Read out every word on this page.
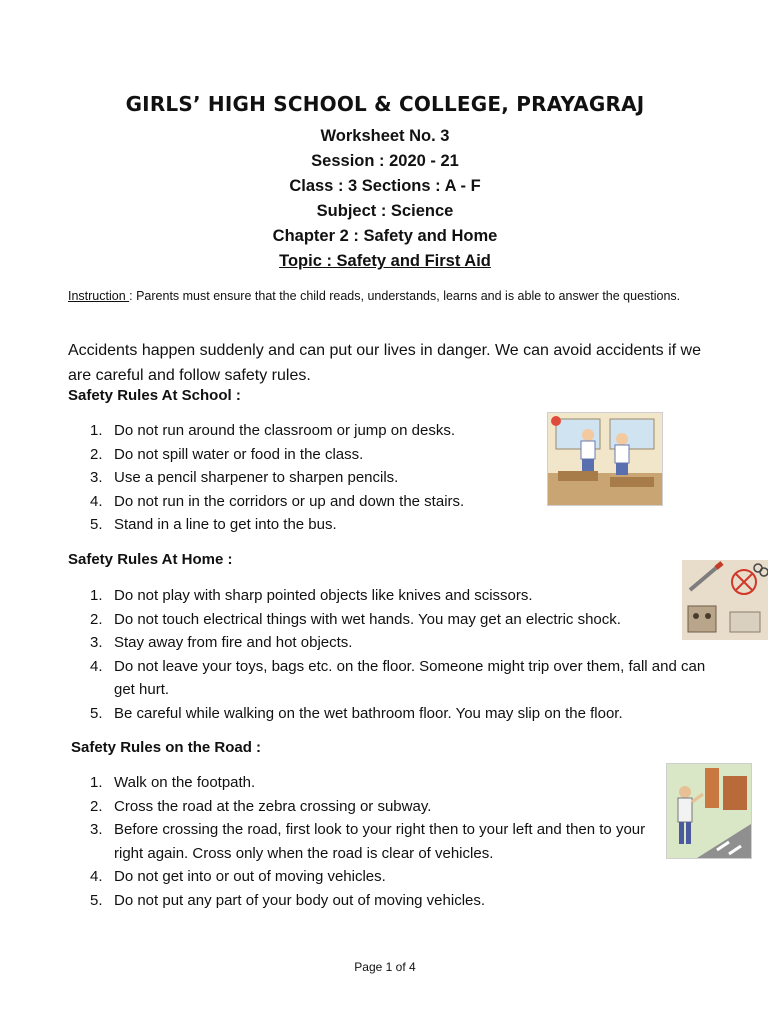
GIRLS’ HIGH SCHOOL & COLLEGE, PRAYAGRAJ
Worksheet No. 3
Session : 2020 - 21
Class : 3 Sections : A - F
Subject : Science
Chapter 2 : Safety and Home
Topic : Safety and First Aid
Instruction : Parents must ensure that the child reads, understands, learns and is able to answer the questions.
Accidents happen suddenly and can put our lives in danger. We can avoid accidents if we are careful and follow safety rules.
Safety Rules At School :
1. Do not run around the classroom or jump on desks.
2. Do not spill water or food in the class.
3. Use a pencil sharpener to sharpen pencils.
4. Do not run in the corridors or up and down the stairs.
5. Stand in a line to get into the bus.
Safety Rules At Home :
1. Do not play with sharp pointed objects like knives and scissors.
2. Do not touch electrical things with wet hands. You may get an electric shock.
3. Stay away from fire and hot objects.
4. Do not leave your toys, bags etc. on the floor. Someone might trip over them, fall and can get hurt.
5. Be careful while walking on the wet bathroom floor. You may slip on the floor.
Safety Rules on the Road :
1. Walk on the footpath.
2. Cross the road at the zebra crossing or subway.
3. Before crossing the road, first look to your right then to your left and then to your right again. Cross only when the road is clear of vehicles.
4. Do not get into or out of moving vehicles.
5. Do not put any part of your body out of moving vehicles.
Page 1 of 4
